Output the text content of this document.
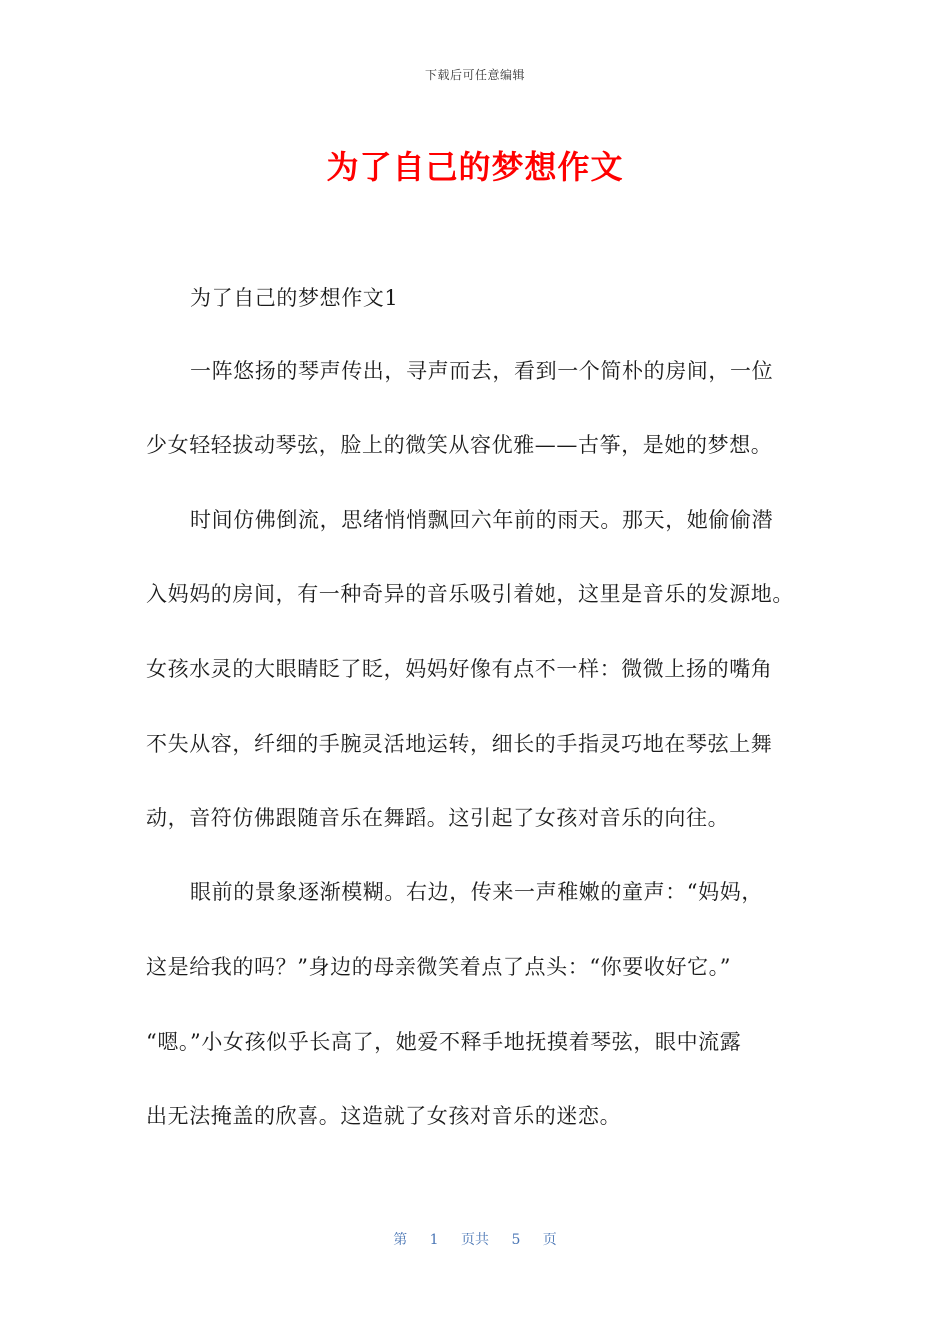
下载后可任意编辑
为了自己的梦想作文
为了自己的梦想作文1
一阵悠扬的琴声传出，寻声而去，看到一个简朴的房间，一位
少女轻轻拔动琴弦，脸上的微笑从容优雅——古筝，是她的梦想。
时间仿佛倒流，思绪悄悄飘回六年前的雨天。那天，她偷偷潜
入妈妈的房间，有一种奇异的音乐吸引着她，这里是音乐的发源地。
女孩水灵的大眼睛眨了眨，妈妈好像有点不一样：微微上扬的嘴角
不失从容，纤细的手腕灵活地运转，细长的手指灵巧地在琴弦上舞
动，音符仿佛跟随音乐在舞蹈。这引起了女孩对音乐的向往。
眼前的景象逐渐模糊。右边，传来一声稚嫩的童声：“妈妈，
这是给我的吗？”身边的母亲微笑着点了点头：“你要收好它。”
“嗯。”小女孩似乎长高了，她爱不释手地抚摸着琴弦，眼中流露
出无法掩盖的欣喜。这造就了女孩对音乐的迷恋。
第 1 页共 5 页
